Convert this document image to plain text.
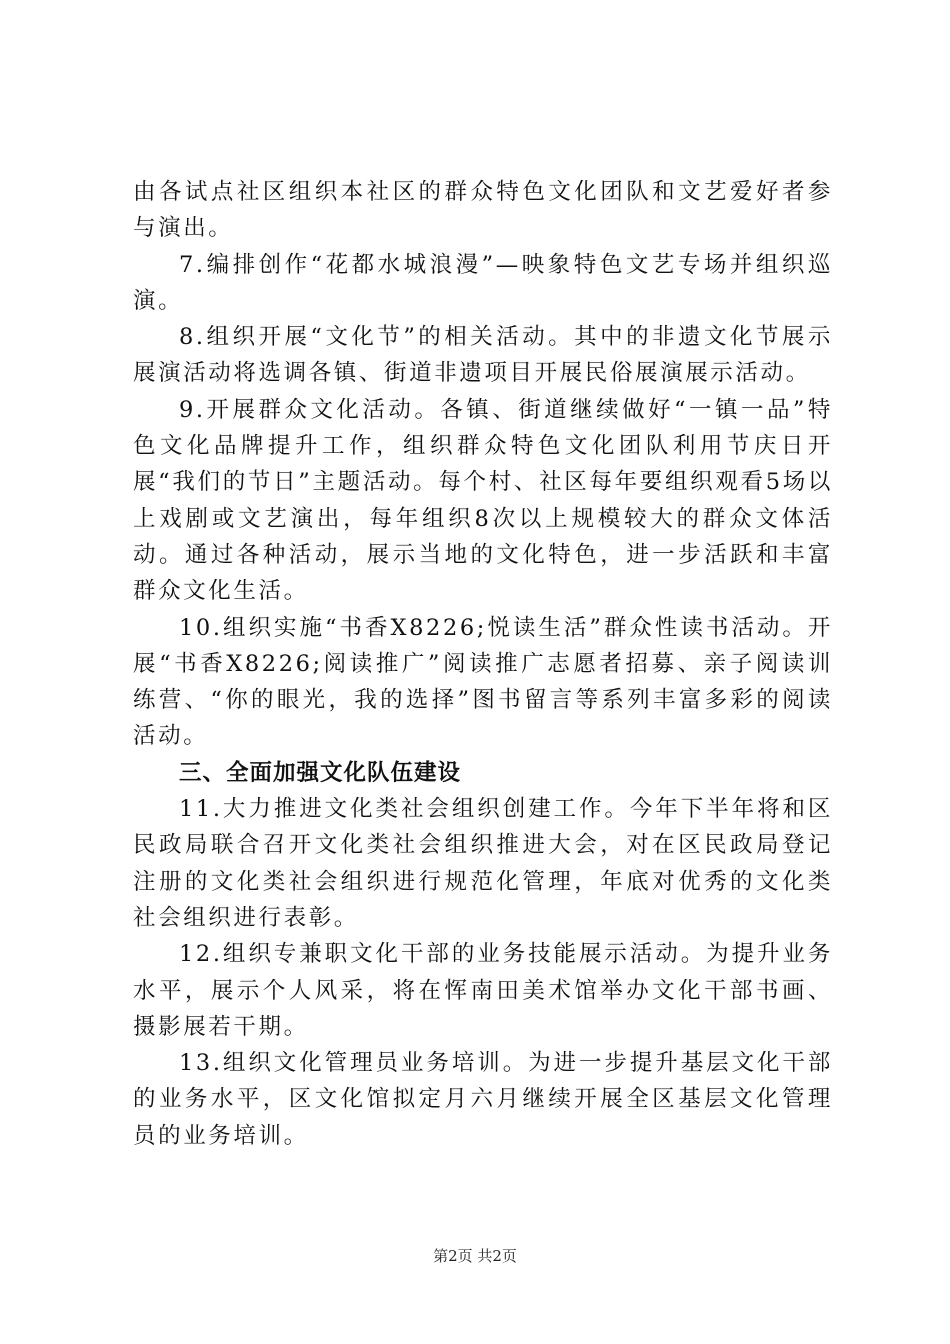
由各试点社区组织本社区的群众特色文化团队和文艺爱好者参与演出。

7.编排创作“花都水城浪漫”—映象特色文艺专场并组织巡演。

8.组织开展“文化节”的相关活动。其中的非遗文化节展示展演活动将选调各镇、街道非遗项目开展民俗展演展示活动。

9.开展群众文化活动。各镇、街道继续做好“一镇一品”特色文化品牌提升工作，组织群众特色文化团队利用节庆日开展“我们的节日”主题活动。每个村、社区每年要组织观看5场以上戏剧或文艺演出，每年组织8次以上规模较大的群众文体活动。通过各种活动，展示当地的文化特色，进一步活跃和丰富群众文化生活。

10.组织实施“书香X8226;悦读生活”群众性读书活动。开展“书香X8226;阅读推广”阅读推广志愿者招募、亲子阅读训练营、“你的眼光，我的选择”图书留言等系列丰富多彩的阅读活动。

三、全面加强文化队伍建设

11.大力推进文化类社会组织创建工作。今年下半年将和区民政局联合召开文化类社会组织推进大会，对在区民政局登记注册的文化类社会组织进行规范化管理，年底对优秀的文化类社会组织进行表彰。

12.组织专兼职文化干部的业务技能展示活动。为提升业务水平，展示个人风采，将在恽南田美术馆举办文化干部书画、摄影展若干期。

13.组织文化管理员业务培训。为进一步提升基层文化干部的业务水平，区文化馆拟定月六月继续开展全区基层文化管理员的业务培训。

第2页 共2页
